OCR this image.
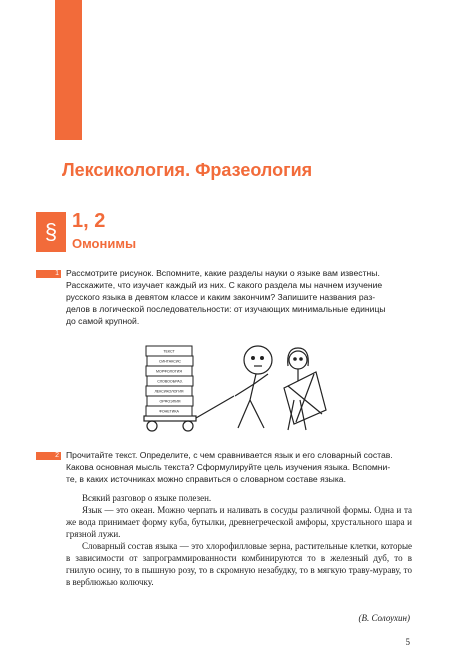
Лексикология. Фразеология
§ 1, 2
Омонимы
1 Рассмотрите рисунок. Вспомните, какие разделы науки о языке вам известны.
Расскажите, что изучает каждый из них. С какого раздела мы начнем изучение
русского языка в девятом классе и каким закончим? Запишите названия раз-
делов в логической последовательности: от изучающих минимальные единицы
до самой крупной.
ФОНЕТИКА
ОРФОЭПИЯ
ЛЕКСИКОЛОГИЯ
СЛОВООБРАЗ.
МОРФОЛОГИЯ
СИНТАКСИС
ТЕКСТ
2 Прочитайте текст. Определите, с чем сравнивается язык и его словарный состав.
Какова основная мысль текста? Сформулируйте цель изучения языка. Вспомни-
те, в каких источниках можно справиться о словарном составе языка.

Всякий разговор о языке полезен.

Язык — это океан. Можно черпать и наливать в сосуды различной формы. Одна и та же вода принимает форму куба, бутылки, древнегреческой амфоры, хрустального шара и грязной лужи.

Словарный состав языка — это хлорофилловые зерна, растительные клетки, которые в зависимости от запрограммированности комбинируются то в железный дуб, то в гнилую осину, то в пышную розу, то в скромную незабудку, то в мягкую траву-мураву, то в верблюжью колючку.

(В. Солоухин)
5
